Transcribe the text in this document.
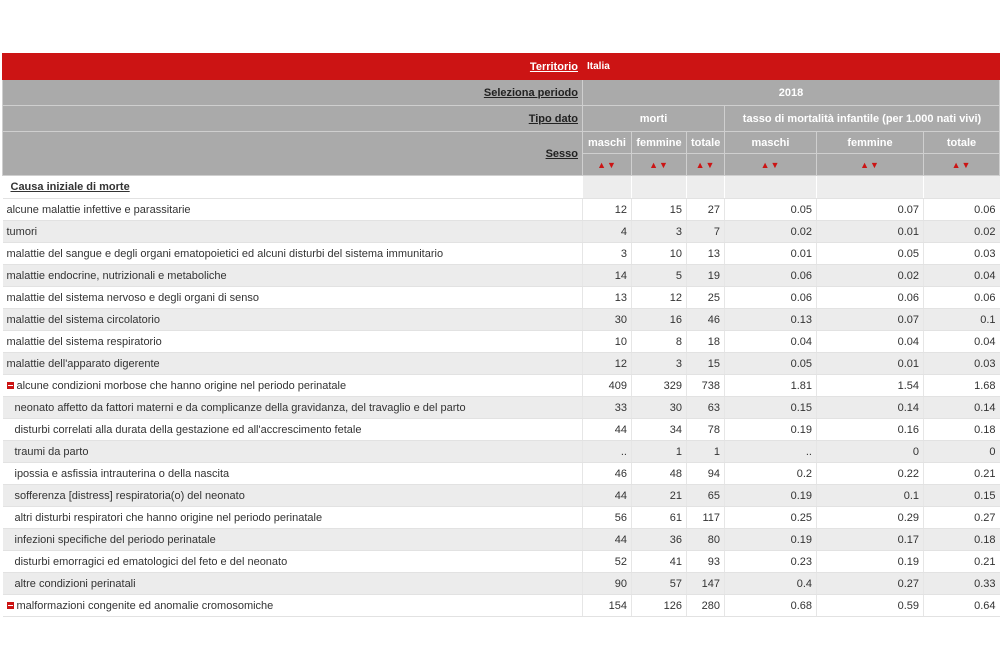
Territorio	Italia					
Seleziona periodo	2018					
Tipo dato	morti			tasso di mortalità infantile (per 1.000 nati vivi)		
Sesso	maschi	femmine	totale	maschi	femmine	totale
	▲▼	▲▼	▲▼	▲▼	▲▼	▲▼
Causa iniziale di morte						
alcune malattie infettive e parassitarie	12	15	27	0.05	0.07	0.06
tumori	4	3	7	0.02	0.01	0.02
malattie del sangue e degli organi ematopoietici ed alcuni disturbi del sistema immunitario	3	10	13	0.01	0.05	0.03
malattie endocrine, nutrizionali e metaboliche	14	5	19	0.06	0.02	0.04
malattie del sistema nervoso e degli organi di senso	13	12	25	0.06	0.06	0.06
malattie del sistema circolatorio	30	16	46	0.13	0.07	0.1
malattie del sistema respiratorio	10	8	18	0.04	0.04	0.04
malattie dell'apparato digerente	12	3	15	0.05	0.01	0.03
alcune condizioni morbose che hanno origine nel periodo perinatale	409	329	738	1.81	1.54	1.68
neonato affetto da fattori materni e da complicanze della gravidanza, del travaglio e del parto	33	30	63	0.15	0.14	0.14
disturbi correlati alla durata della gestazione ed all'accrescimento fetale	44	34	78	0.19	0.16	0.18
traumi da parto	..	1	1	..	0	0
ipossia e asfissia intrauterina o della nascita	46	48	94	0.2	0.22	0.21
sofferenza [distress] respiratoria(o) del neonato	44	21	65	0.19	0.1	0.15
altri disturbi respiratori che hanno origine nel periodo perinatale	56	61	117	0.25	0.29	0.27
infezioni specifiche del periodo perinatale	44	36	80	0.19	0.17	0.18
disturbi emorragici ed ematologici del feto e del neonato	52	41	93	0.23	0.19	0.21
altre condizioni perinatali	90	57	147	0.4	0.27	0.33
malformazioni congenite ed anomalie cromosomiche	154	126	280	0.68	0.59	0.64
